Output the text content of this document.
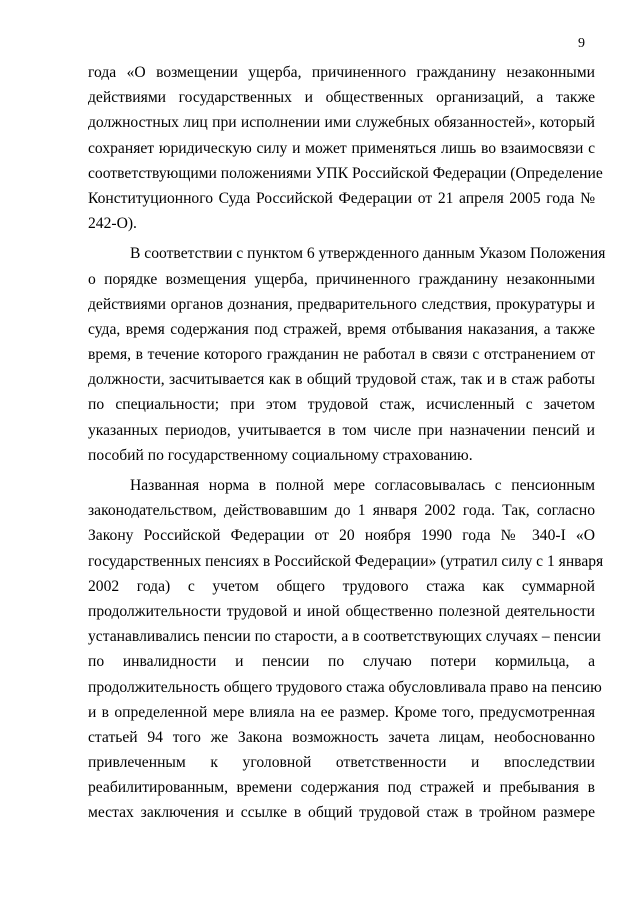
9
года «О возмещении ущерба, причиненного гражданину незаконными
действиями государственных и общественных организаций, а также
должностных лиц при исполнении ими служебных обязанностей», который
сохраняет юридическую силу и может применяться лишь во взаимосвязи с
соответствующими положениями УПК Российской Федерации (Определение
Конституционного Суда Российской Федерации от 21 апреля 2005 года №
242-О).
В соответствии с пунктом 6 утвержденного данным Указом Положения
о порядке возмещения ущерба, причиненного гражданину незаконными
действиями органов дознания, предварительного следствия, прокуратуры и
суда, время содержания под стражей, время отбывания наказания, а также
время, в течение которого гражданин не работал в связи с отстранением от
должности, засчитывается как в общий трудовой стаж, так и в стаж работы
по специальности; при этом трудовой стаж, исчисленный с зачетом
указанных периодов, учитывается в том числе при назначении пенсий и
пособий по государственному социальному страхованию.
Названная норма в полной мере согласовывалась с пенсионным
законодательством, действовавшим до 1 января 2002 года. Так, согласно
Закону Российской Федерации от 20 ноября 1990 года № 340-I «О
государственных пенсиях в Российской Федерации» (утратил силу с 1 января
2002 года) с учетом общего трудового стажа как суммарной
продолжительности трудовой и иной общественно полезной деятельности
устанавливались пенсии по старости, а в соответствующих случаях – пенсии
по инвалидности и пенсии по случаю потери кормильца, а
продолжительность общего трудового стажа обусловливала право на пенсию
и в определенной мере влияла на ее размер. Кроме того, предусмотренная
статьей 94 того же Закона возможность зачета лицам, необоснованно
привлеченным к уголовной ответственности и впоследствии
реабилитированным, времени содержания под стражей и пребывания в
местах заключения и ссылке в общий трудовой стаж в тройном размере
